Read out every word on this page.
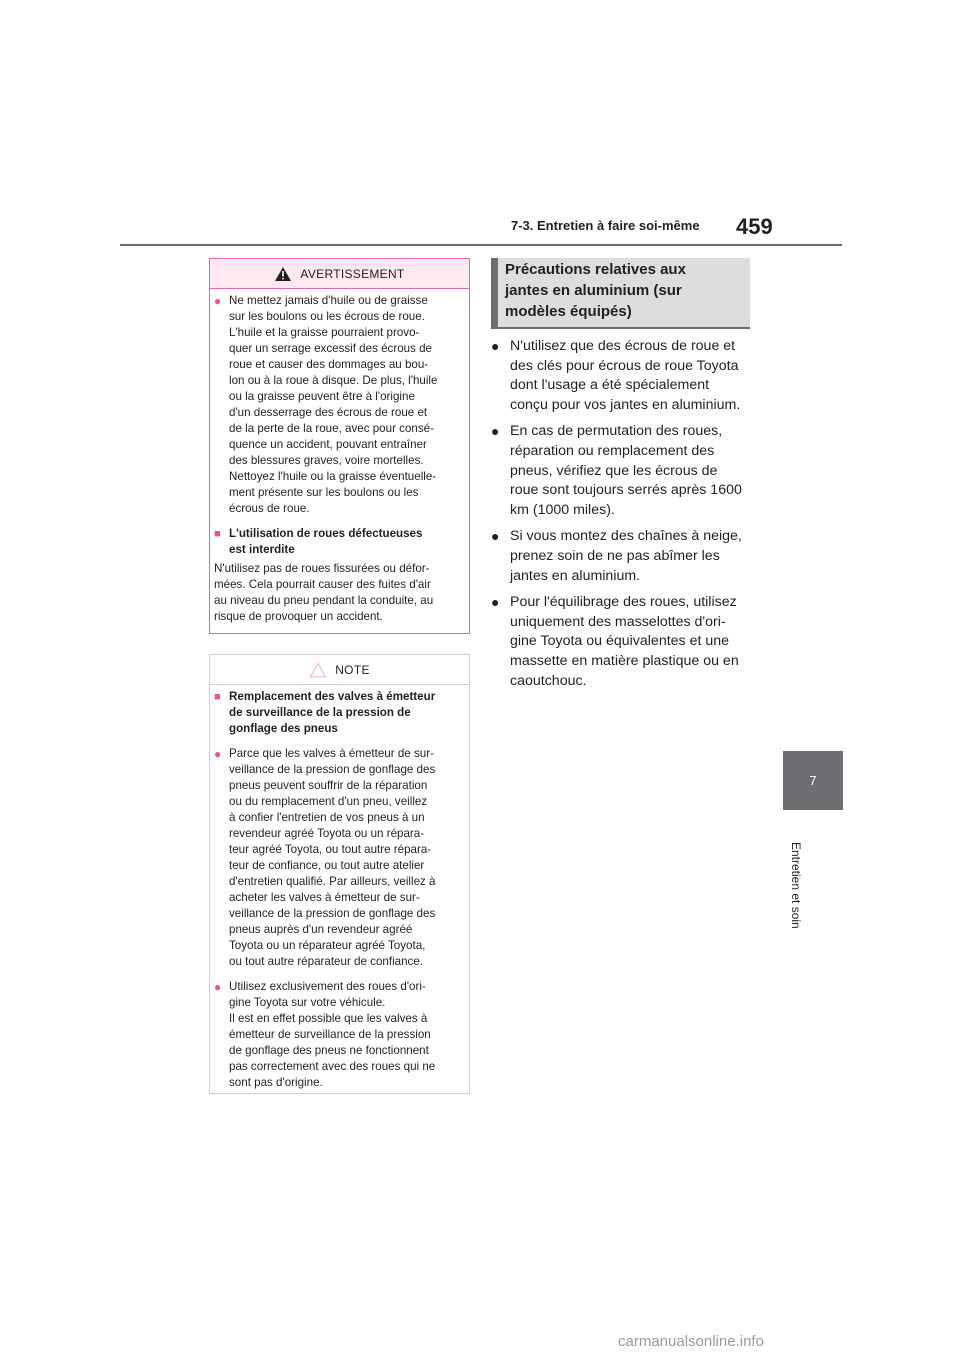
7-3. Entretien à faire soi-même 459
7
Entretien et soin
AVERTISSEMENT
● Ne mettez jamais d'huile ou de graisse
sur les boulons ou les écrous de roue.
L'huile et la graisse pourraient provo-
quer un serrage excessif des écrous de
roue et causer des dommages au bou-
lon ou à la roue à disque. De plus, l'huile
ou la graisse peuvent être à l'origine
d'un desserrage des écrous de roue et
de la perte de la roue, avec pour consé-
quence un accident, pouvant entraîner
des blessures graves, voire mortelles.
Nettoyez l'huile ou la graisse éventuelle-
ment présente sur les boulons ou les
écrous de roue.
■ L'utilisation de roues défectueuses
est interdite
N'utilisez pas de roues fissurées ou défor-
mées. Cela pourrait causer des fuites d'air
au niveau du pneu pendant la conduite, au
risque de provoquer un accident.
NOTE
■ Remplacement des valves à émetteur
de surveillance de la pression de
gonflage des pneus
● Parce que les valves à émetteur de sur-
veillance de la pression de gonflage des
pneus peuvent souffrir de la réparation
ou du remplacement d'un pneu, veillez
à confier l'entretien de vos pneus à un
revendeur agréé Toyota ou un répara-
teur agréé Toyota, ou tout autre répara-
teur de confiance, ou tout autre atelier
d'entretien qualifié. Par ailleurs, veillez à
acheter les valves à émetteur de sur-
veillance de la pression de gonflage des
pneus auprès d'un revendeur agréé
Toyota ou un réparateur agréé Toyota,
ou tout autre réparateur de confiance.
● Utilisez exclusivement des roues d'ori-
gine Toyota sur votre véhicule.
Il est en effet possible que les valves à
émetteur de surveillance de la pression
de gonflage des pneus ne fonctionnent
pas correctement avec des roues qui ne
sont pas d'origine.
Précautions relatives aux
jantes en aluminium (sur
modèles équipés)
● N'utilisez que des écrous de roue et
des clés pour écrous de roue Toyota
dont l'usage a été spécialement
conçu pour vos jantes en aluminium.
● En cas de permutation des roues,
réparation ou remplacement des
pneus, vérifiez que les écrous de
roue sont toujours serrés après 1600
km (1000 miles).
● Si vous montez des chaînes à neige,
prenez soin de ne pas abîmer les
jantes en aluminium.
● Pour l'équilibrage des roues, utilisez
uniquement des masselottes d'ori-
gine Toyota ou équivalentes et une
massette en matière plastique ou en
caoutchouc.
carmanualsonline.info
